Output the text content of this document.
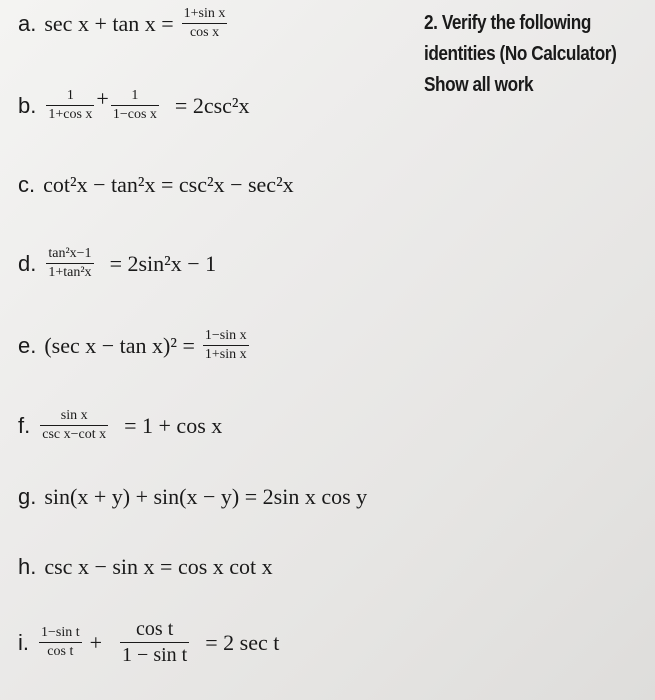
2. Verify the following
identities (No Calculator)
Show all work
a. $\sec x + \tan x = \frac{\text{1+sin x}}{\text{cos x}}$
b. $\frac{1}{\text{1+cos x}} + \frac{1}{\text{1−cos x}} = 2\csc^2x$
c. cot²x − tan²x = csc²x − sec²x
d. $\frac{\text{tan²x−1}}{\text{1+tan²x}} = 2\sin^2x - 1$
e. (sec $x - \tan x)^2 = \frac{\text{1−sin x}}{\text{1+sin x}}$
f. $\frac{\text{sin x}}{\text{csc x−cot x}} = 1 + \cos x$
g. sin(x + y) + sin(x − y) = 2sin x cos y
h. csc x − sin x = cos x cot x
i. $\frac{\text{1−sin t}}{\text{cos t}} + \frac{\text{cos t}}{\text{1 − sin t}} = 2$ sec t
